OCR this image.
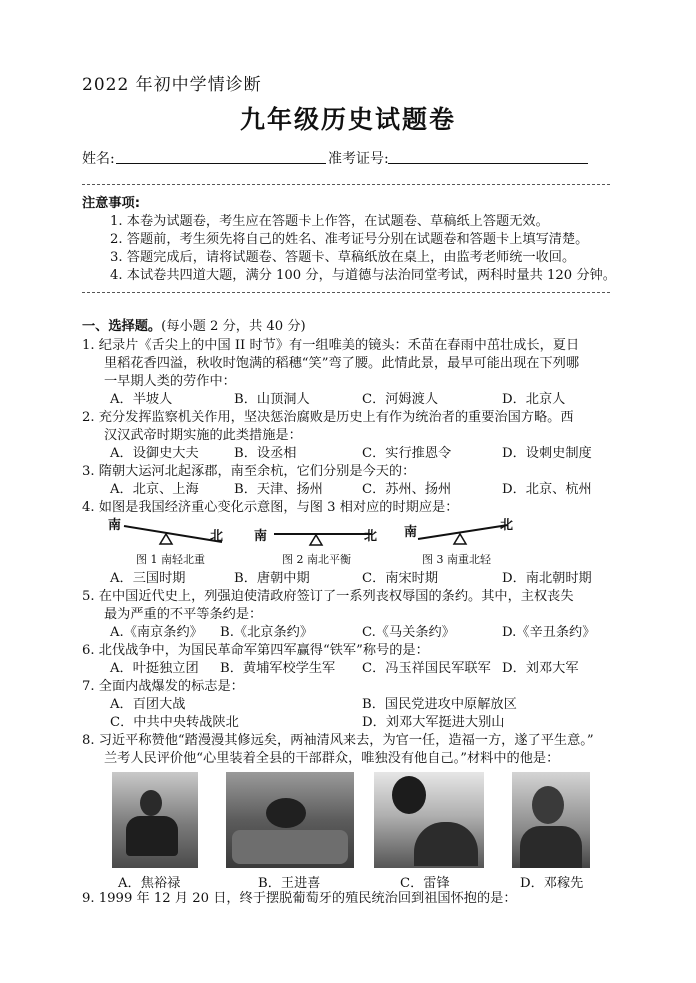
2022 年初中学情诊断
九年级历史试题卷
姓名:	准考证号:
注意事项:
1. 本卷为试题卷，考生应在答题卡上作答，在试题卷、草稿纸上答题无效。
2. 答题前，考生须先将自己的姓名、准考证号分别在试题卷和答题卡上填写清楚。
3. 答题完成后，请将试题卷、答题卡、草稿纸放在桌上，由监考老师统一收回。
4. 本试卷共四道大题，满分 100 分，与道德与法治同堂考试，两科时量共 120 分钟。
一、选择题。(每小题 2 分，共 40 分)
1. 纪录片《舌尖上的中国 II 时节》有一组唯美的镜头：禾苗在春雨中茁壮成长，夏日
里稻花香四溢，秋收时饱满的稻穗“笑”弯了腰。此情此景，最早可能出现在下列哪
一早期人类的劳作中：
A．半坡人	B．山顶洞人	C．河姆渡人	D．北京人
2. 充分发挥监察机关作用，坚决惩治腐败是历史上有作为统治者的重要治国方略。西
汉汉武帝时期实施的此类措施是：
A．设御史大夫	B．设丞相	C．实行推恩令	D．设刺史制度
3. 隋朝大运河北起涿郡，南至余杭，它们分别是今天的：
A．北京、上海	B．天津、扬州	C．苏州、扬州	D．北京、杭州
4. 如图是我国经济重心变化示意图，与图 3 相对应的时期应是：
南
北
图 1 南轻北重
南	北
图 2 南北平衡
南	北
图 3 南重北轻
A．三国时期	B．唐朝中期	C．南宋时期	D．南北朝时期
5. 在中国近代史上，列强迫使清政府签订了一系列丧权辱国的条约。其中，主权丧失
最为严重的不平等条约是：
A.《南京条约》 B.《北京条约》	C.《马关条约》	D.《辛丑条约》
6. 北伐战争中，为国民革命军第四军赢得“铁军”称号的是：
A．叶挺独立团 B．黄埔军校学生军 C．冯玉祥国民军联军 D．刘邓大军
7. 全面内战爆发的标志是：
A．百团大战	B．国民党进攻中原解放区
C．中共中央转战陕北	D．刘邓大军挺进大别山
8. 习近平称赞他“踏漫漫其修远矣，两袖清风来去，为官一任，造福一方，遂了平生意。”
兰考人民评价他“心里装着全县的干部群众，唯独没有他自己。”材料中的他是：
A．焦裕禄	B．王进喜	C．雷锋	D．邓稼先
9. 1999 年 12 月 20 日，终于摆脱葡萄牙的殖民统治回到祖国怀抱的是：
